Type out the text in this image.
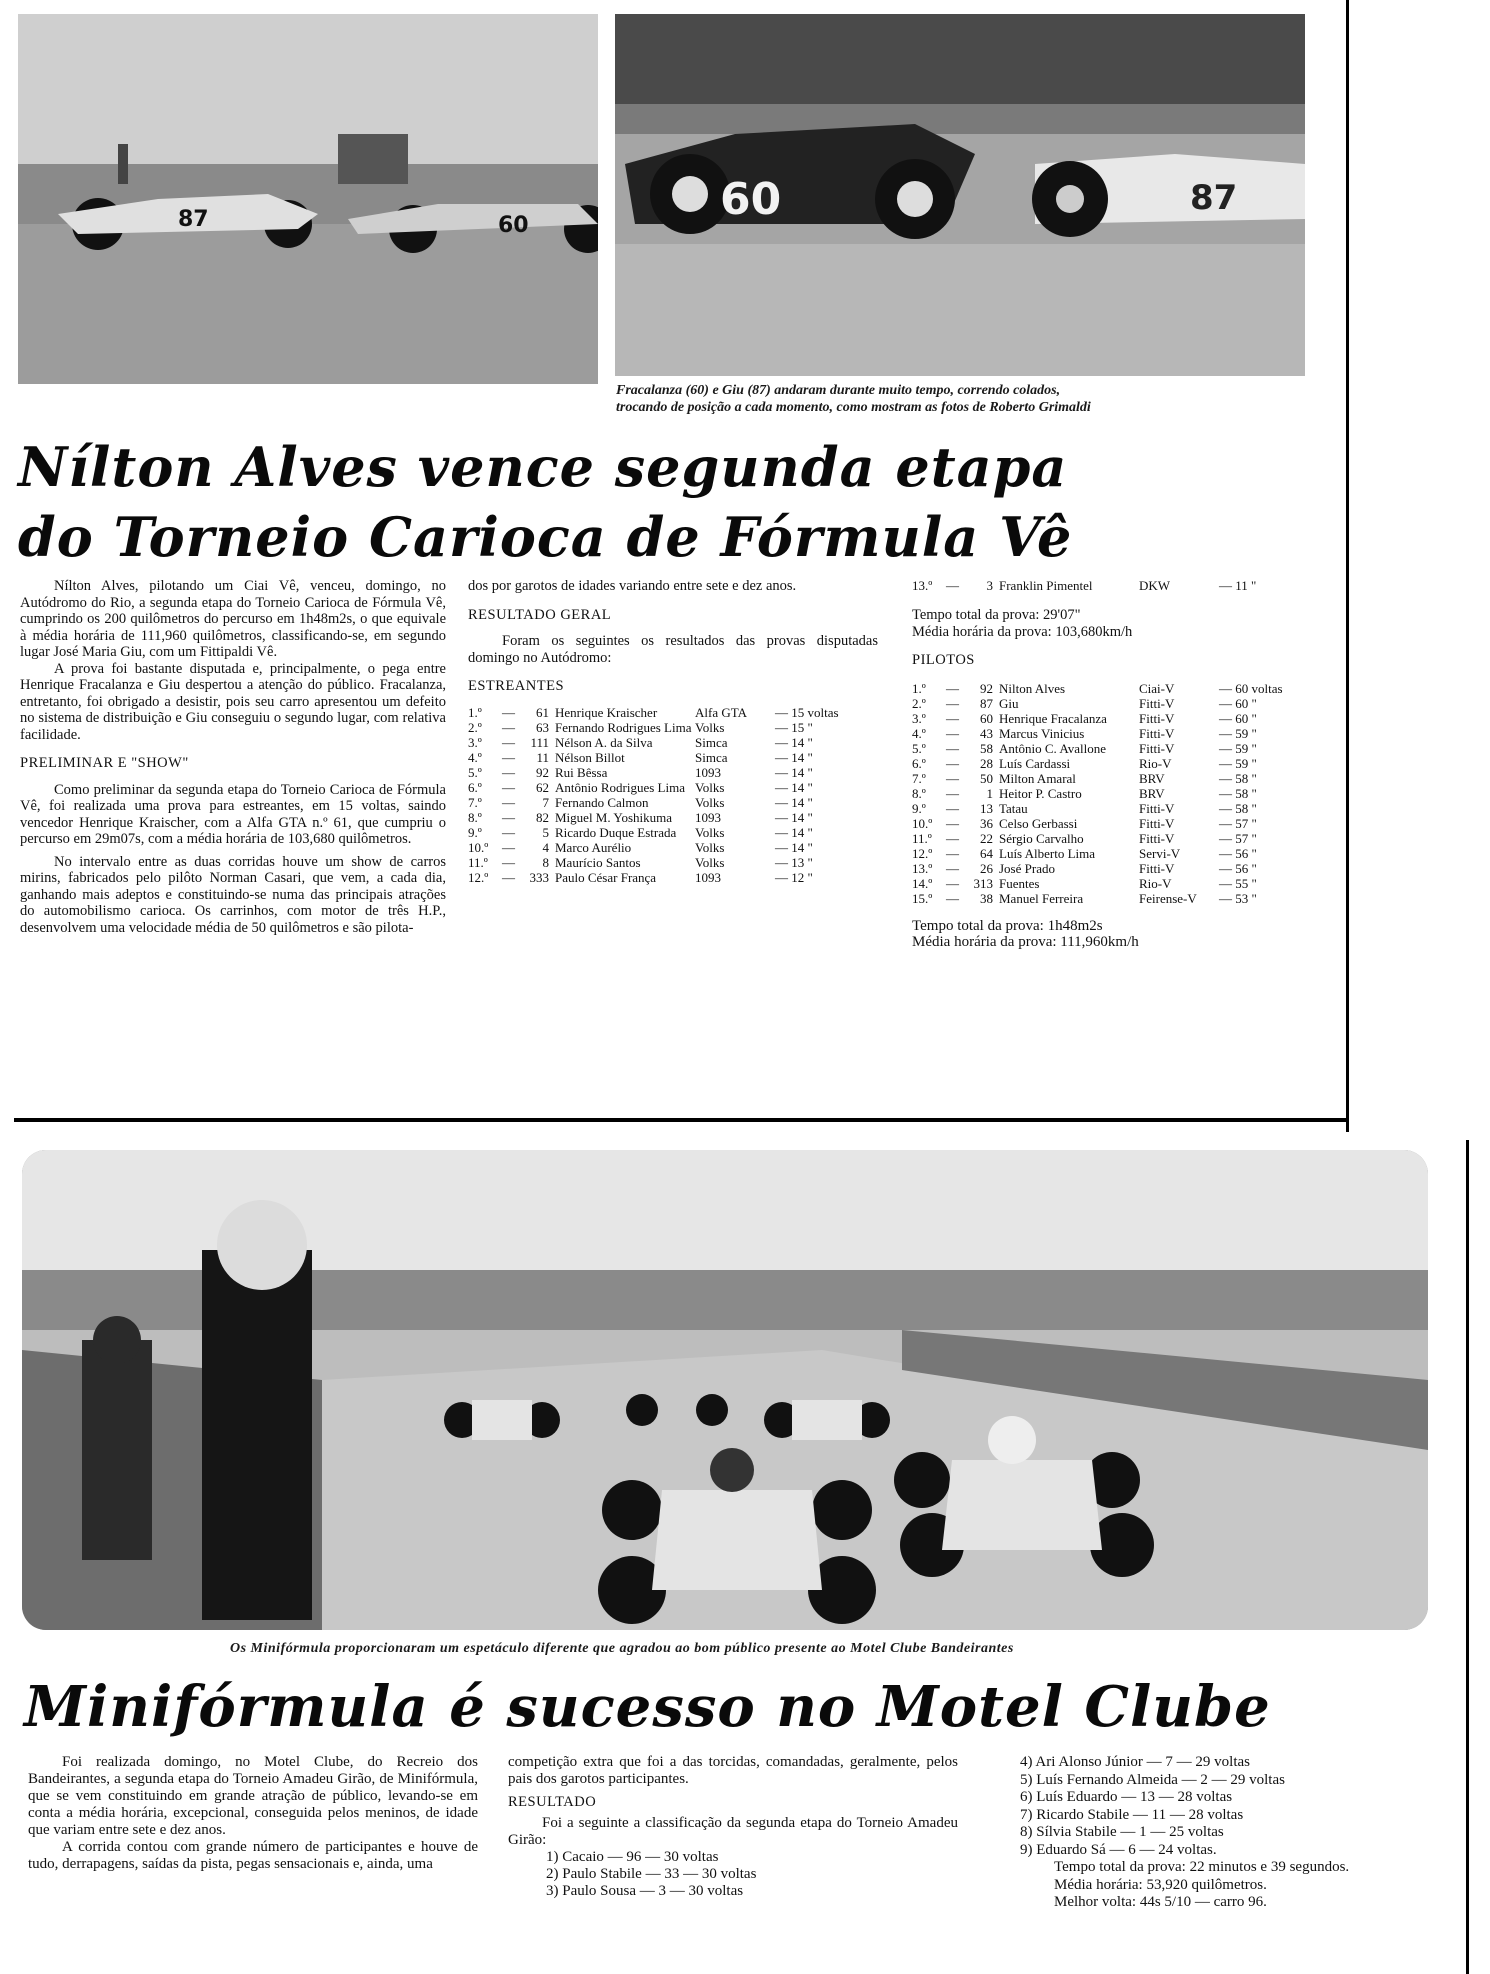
87	60
60	87
Fracalanza (60) e Giu (87) andaram durante muito tempo, correndo colados,
trocando de posição a cada momento, como mostram as fotos de Roberto Grimaldi
Nílton Alves vence segunda etapa
do Torneio Carioca de Fórmula Vê

Nílton Alves, pilotando um Ciai Vê, venceu, domingo, no Autódromo do Rio, a segunda etapa do Torneio Carioca de Fórmula Vê, cumprindo os 200 quilômetros do percurso em 1h48m2s, o que equivale à média horária de 111,960 quilômetros, classificando-se, em segundo lugar José Maria Giu, com um Fittipaldi Vê.

A prova foi bastante disputada e, principalmente, o pega entre Henrique Fracalanza e Giu despertou a atenção do público. Fracalanza, entretanto, foi obrigado a desistir, pois seu carro apresentou um defeito no sistema de distribuição e Giu conseguiu o segundo lugar, com relativa facilidade.

PRELIMINAR E "SHOW"

Como preliminar da segunda etapa do Torneio Carioca de Fórmula Vê, foi realizada uma prova para estreantes, em 15 voltas, saindo vencedor Henrique Kraischer, com a Alfa GTA n.º 61, que cumpriu o percurso em 29m07s, com a média horária de 103,680 quilômetros.

No intervalo entre as duas corridas houve um show de carros mirins, fabricados pelo pilôto Norman Casari, que vem, a cada dia, ganhando mais adeptos e constituindo-se numa das principais atrações do automobilismo carioca. Os carrinhos, com motor de três H.P., desenvolvem uma velocidade média de 50 quilômetros e são pilota-

dos por garotos de idades variando entre sete e dez anos.
RESULTADO GERAL

Foram os seguintes os resultados das provas disputadas domingo no Autódromo:

ESTREANTES
1.º	—	61	Henrique Kraischer	Alfa GTA	— 15 voltas
2.º	—	63	Fernando Rodrigues Lima	Volks	— 15 "
3.º	—	111	Nélson A. da Silva	Simca	— 14 "
4.º	—	11	Nélson Billot	Simca	— 14 "
5.º	—	92	Rui Bêssa	1093	— 14 "
6.º	—	62	Antônio Rodrigues Lima	Volks	— 14 "
7.º	—	7	Fernando Calmon	Volks	— 14 "
8.º	—	82	Miguel M. Yoshikuma	1093	— 14 "
9.º	—	5	Ricardo Duque Estrada	Volks	— 14 "
10.º	—	4	Marco Aurélio	Volks	— 14 "
11.º	—	8	Maurício Santos	Volks	— 13 "
12.º	—	333	Paulo César França	1093	— 12 "
13.º	—	3	Franklin Pimentel	DKW	— 11 "
Tempo total da prova: 29'07"
Média horária da prova: 103,680km/h
PILOTOS
1.º	—	92	Nilton Alves	Ciai-V	— 60 voltas
2.º	—	87	Giu	Fitti-V	— 60 "
3.º	—	60	Henrique Fracalanza	Fitti-V	— 60 "
4.º	—	43	Marcus Vinicius	Fitti-V	— 59 "
5.º	—	58	Antônio C. Avallone	Fitti-V	— 59 "
6.º	—	28	Luís Cardassi	Rio-V	— 59 "
7.º	—	50	Milton Amaral	BRV	— 58 "
8.º	—	1	Heitor P. Castro	BRV	— 58 "
9.º	—	13	Tatau	Fitti-V	— 58 "
10.º	—	36	Celso Gerbassi	Fitti-V	— 57 "
11.º	—	22	Sérgio Carvalho	Fitti-V	— 57 "
12.º	—	64	Luís Alberto Lima	Servi-V	— 56 "
13.º	—	26	José Prado	Fitti-V	— 56 "
14.º	—	313	Fuentes	Rio-V	— 55 "
15.º	—	38	Manuel Ferreira	Feirense-V	— 53 "
Tempo total da prova: 1h48m2s
Média horária da prova: 111,960km/h
Os Minifórmula proporcionaram um espetáculo diferente que agradou ao bom público presente ao Motel Clube Bandeirantes
Minifórmula é sucesso no Motel Clube

Foi realizada domingo, no Motel Clube, do Recreio dos Bandeirantes, a segunda etapa do Torneio Amadeu Girão, de Minifórmula, que se vem constituindo em grande atração de público, levando-se em conta a média horária, excepcional, conseguida pelos meninos, de idade que variam entre sete e dez anos.

A corrida contou com grande número de participantes e houve de tudo, derrapagens, saídas da pista, pegas sensacionais e, ainda, uma

competição extra que foi a das torcidas, comandadas, geralmente, pelos pais dos garotos participantes.
RESULTADO

Foi a seguinte a classificação da segunda etapa do Torneio Amadeu Girão:

1) Cacaio — 96 — 30 voltas
2) Paulo Stabile — 33 — 30 voltas
3) Paulo Sousa — 3 — 30 voltas
4) Ari Alonso Júnior — 7 — 29 voltas
5) Luís Fernando Almeida — 2 — 29 voltas
6) Luís Eduardo — 13 — 28 voltas
7) Ricardo Stabile — 11 — 28 voltas
8) Sílvia Stabile — 1 — 25 voltas
9) Eduardo Sá — 6 — 24 voltas.

Tempo total da prova: 22 minutos e 39 segundos.

Média horária: 53,920 quilômetros.

Melhor volta: 44s 5/10 — carro 96.
